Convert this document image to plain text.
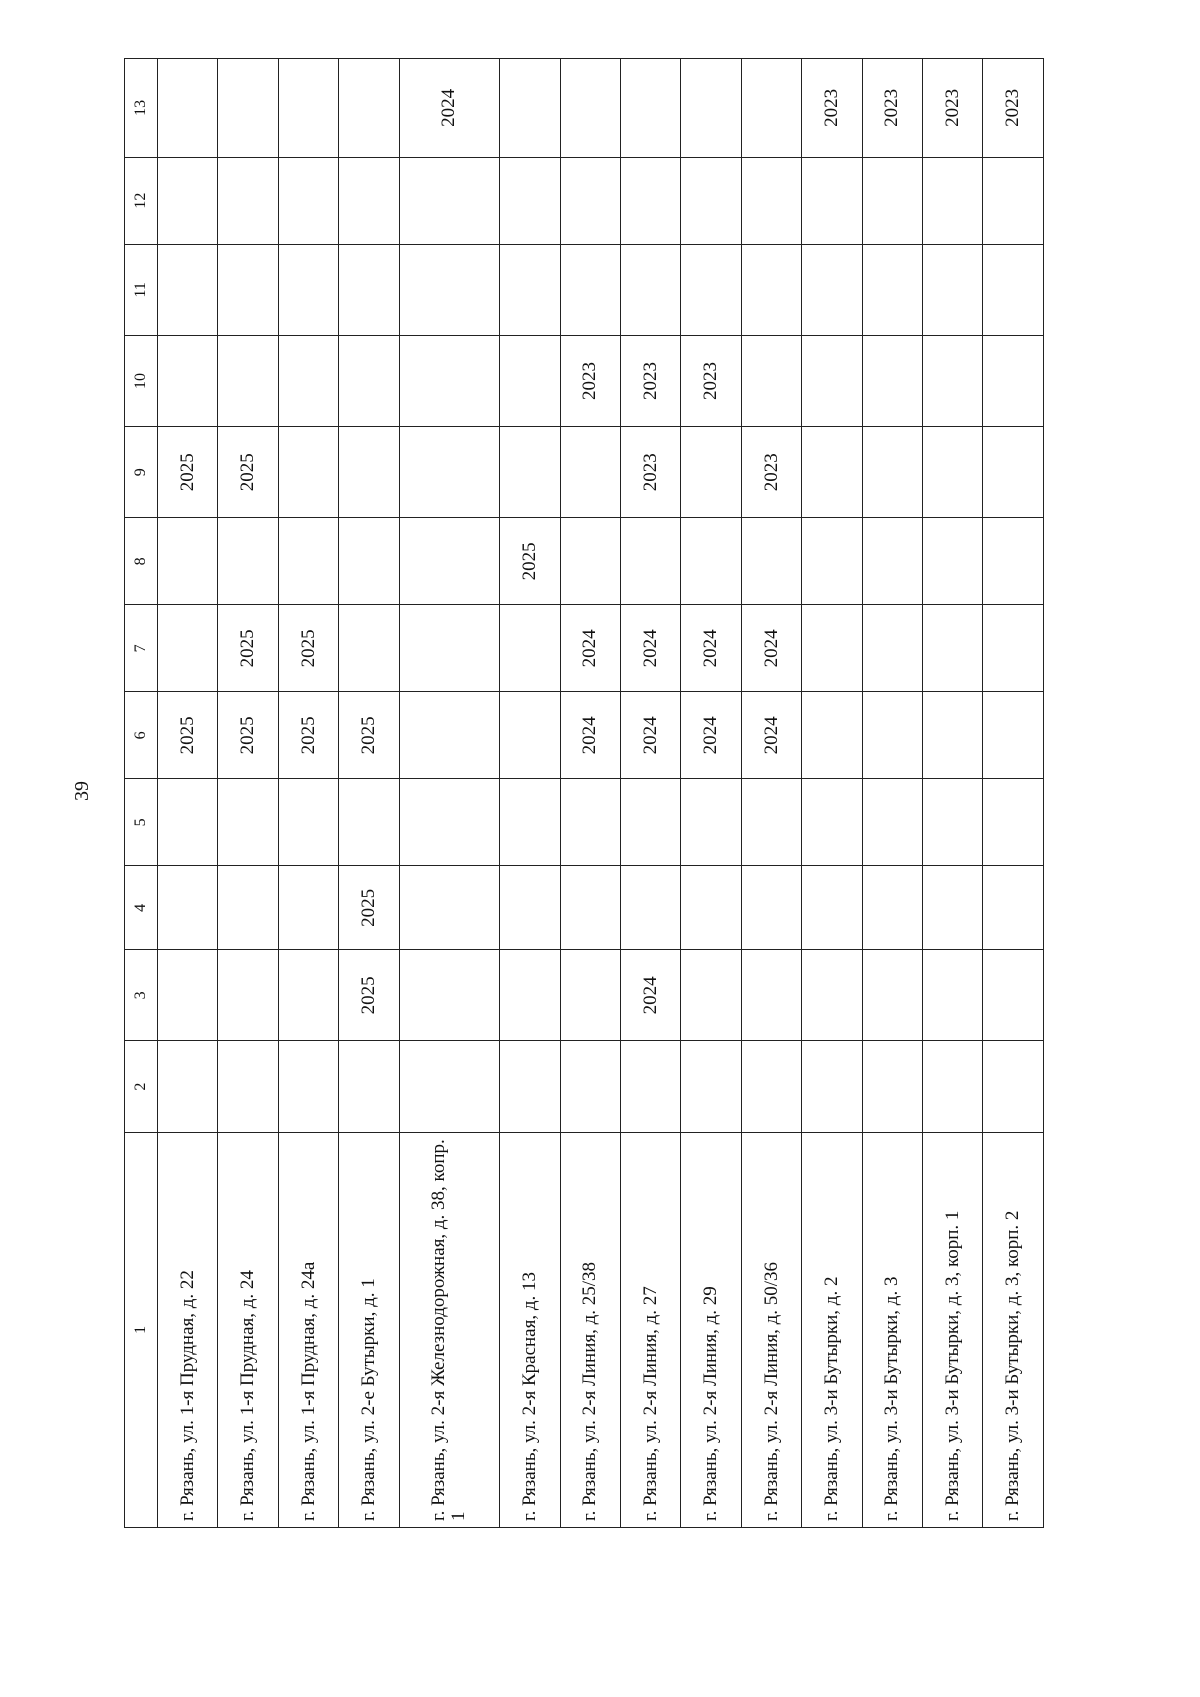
39
1	2	3	4	5	6	7	8	9	10	11	12	13
г. Рязань, ул. 1-я Прудная, д. 22					2025			2025				
г. Рязань, ул. 1-я Прудная, д. 24					2025	2025		2025				
г. Рязань, ул. 1-я Прудная, д. 24а					2025	2025						
г. Рязань, ул. 2-е Бутырки, д. 1		2025	2025		2025							
г. Рязань, ул. 2-я Железнодорожная, д. 38, копр. 1												2024
г. Рязань, ул. 2-я Красная, д. 13							2025					
г. Рязань, ул. 2-я Линия, д. 25/38					2024	2024			2023			
г. Рязань, ул. 2-я Линия, д. 27		2024			2024	2024		2023	2023			
г. Рязань, ул. 2-я Линия, д. 29					2024	2024			2023			
г. Рязань, ул. 2-я Линия, д. 50/36					2024	2024		2023				
г. Рязань, ул. 3-и Бутырки, д. 2												2023
г. Рязань, ул. 3-и Бутырки, д. 3												2023
г. Рязань, ул. 3-и Бутырки, д. 3, корп. 1												2023
г. Рязань, ул. 3-и Бутырки, д. 3, корп. 2												2023
